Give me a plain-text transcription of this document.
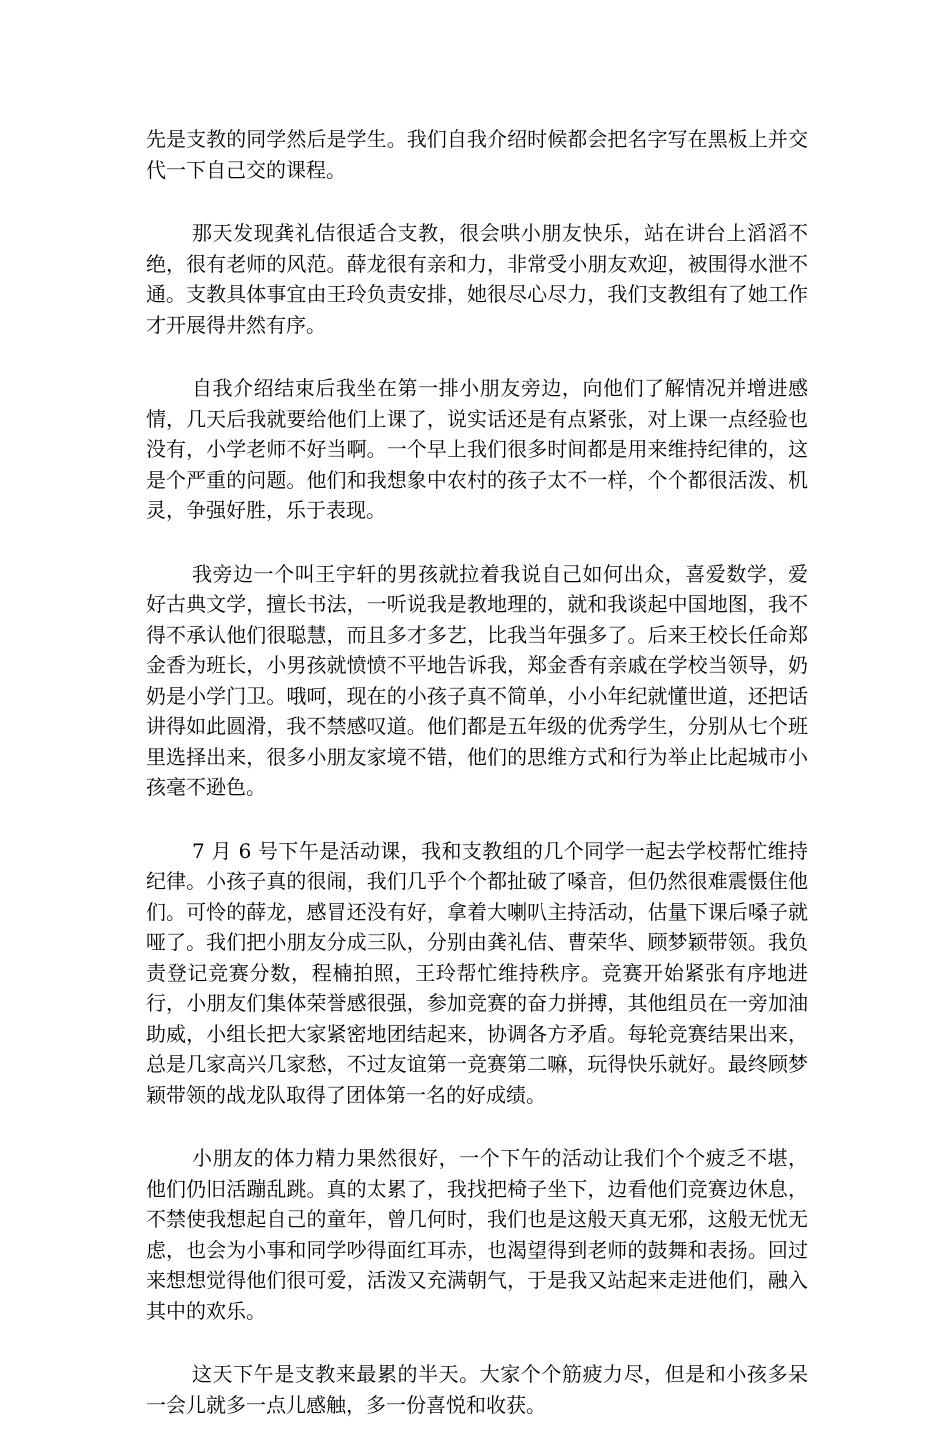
先是支教的同学然后是学生。我们自我介绍时候都会把名字写在黑板上并交代一下自己交的课程。

那天发现龚礼佶很适合支教，很会哄小朋友快乐，站在讲台上滔滔不绝，很有老师的风范。薛龙很有亲和力，非常受小朋友欢迎，被围得水泄不通。支教具体事宜由王玲负责安排，她很尽心尽力，我们支教组有了她工作才开展得井然有序。

自我介绍结束后我坐在第一排小朋友旁边，向他们了解情况并增进感情，几天后我就要给他们上课了，说实话还是有点紧张，对上课一点经验也没有，小学老师不好当啊。一个早上我们很多时间都是用来维持纪律的，这是个严重的问题。他们和我想象中农村的孩子太不一样，个个都很活泼、机灵，争强好胜，乐于表现。

我旁边一个叫王宇轩的男孩就拉着我说自己如何出众，喜爱数学，爱好古典文学，擅长书法，一听说我是教地理的，就和我谈起中国地图，我不得不承认他们很聪慧，而且多才多艺，比我当年强多了。后来王校长任命郑金香为班长，小男孩就愤愤不平地告诉我，郑金香有亲戚在学校当领导，奶奶是小学门卫。哦呵，现在的小孩子真不简单，小小年纪就懂世道，还把话讲得如此圆滑，我不禁感叹道。他们都是五年级的优秀学生，分别从七个班里选择出来，很多小朋友家境不错，他们的思维方式和行为举止比起城市小孩毫不逊色。

7 月 6 号下午是活动课，我和支教组的几个同学一起去学校帮忙维持纪律。小孩子真的很闹，我们几乎个个都扯破了嗓音，但仍然很难震慑住他们。可怜的薛龙，感冒还没有好，拿着大喇叭主持活动，估量下课后嗓子就哑了。我们把小朋友分成三队，分别由龚礼佶、曹荣华、顾梦颖带领。我负责登记竞赛分数，程楠拍照，王玲帮忙维持秩序。竞赛开始紧张有序地进行，小朋友们集体荣誉感很强，参加竞赛的奋力拼搏，其他组员在一旁加油助威，小组长把大家紧密地团结起来，协调各方矛盾。每轮竞赛结果出来，总是几家高兴几家愁，不过友谊第一竞赛第二嘛，玩得快乐就好。最终顾梦颖带领的战龙队取得了团体第一名的好成绩。

小朋友的体力精力果然很好，一个下午的活动让我们个个疲乏不堪，他们仍旧活蹦乱跳。真的太累了，我找把椅子坐下，边看他们竞赛边休息，不禁使我想起自己的童年，曾几何时，我们也是这般天真无邪，这般无忧无虑，也会为小事和同学吵得面红耳赤，也渴望得到老师的鼓舞和表扬。回过来想想觉得他们很可爱，活泼又充满朝气，于是我又站起来走进他们，融入其中的欢乐。

这天下午是支教来最累的半天。大家个个筋疲力尽，但是和小孩多呆一会儿就多一点儿感触，多一份喜悦和收获。
